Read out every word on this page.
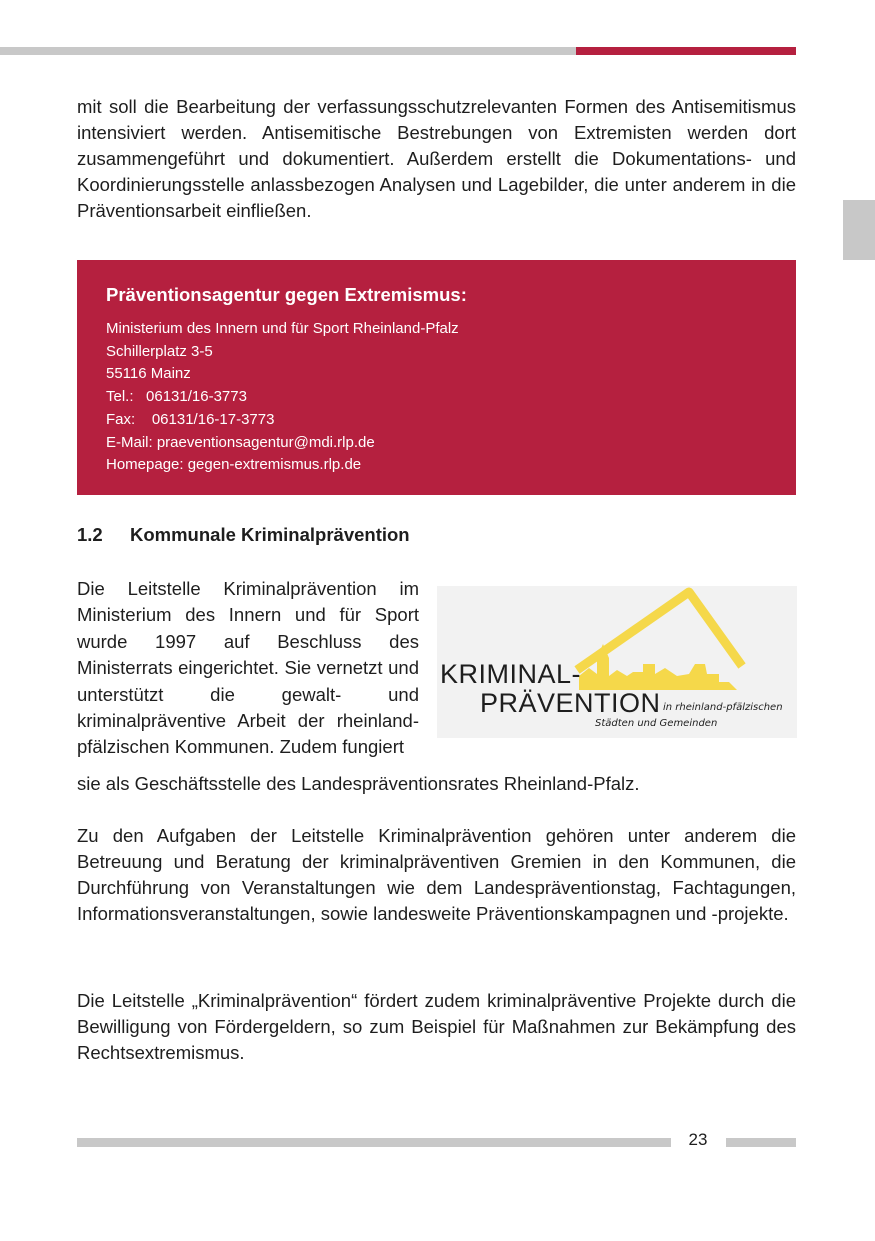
mit soll die Bearbeitung der verfassungsschutzrelevanten Formen des Antisemitismus intensiviert werden. Antisemitische Bestrebungen von Extremisten werden dort zusammengeführt und dokumentiert. Außerdem erstellt die Dokumentations- und Koordinierungsstelle anlassbezogen Analysen und Lagebilder, die unter anderem in die Präventionsarbeit einfließen.

Präventionsagentur gegen Extremismus:

Ministerium des Innern und für Sport Rheinland-Pfalz
Schillerplatz 3-5
55116 Mainz
Tel.:   06131/16-3773
Fax:    06131/16-17-3773
E-Mail: praeventionsagentur@mdi.rlp.de
Homepage: gegen-extremismus.rlp.de
1.2 Kommunale Kriminalprävention

Die Leitstelle Kriminalprävention im Ministerium des Innern und für Sport wurde 1997 auf Beschluss des Ministerrats eingerichtet. Sie vernetzt und unterstützt die gewalt- und kriminalpräventive Arbeit der rheinland-pfälzischen Kommunen. Zudem fungiert

KRIMINAL-

PRÄVENTION in rheinland-pfälzischen

Städten und Gemeinden

sie als Geschäftsstelle des Landespräventionsrates Rheinland-Pfalz.

Zu den Aufgaben der Leitstelle Kriminalprävention gehören unter anderem die Betreuung und Beratung der kriminalpräventiven Gremien in den Kommunen, die Durchführung von Veranstaltungen wie dem Landespräventionstag, Fachtagungen, Informationsveranstaltungen, sowie landesweite Präventionskampagnen und -projekte.

Die Leitstelle „Kriminalprävention“ fördert zudem kriminalpräventive Projekte durch die Bewilligung von Fördergeldern, so zum Beispiel für Maßnahmen zur Bekämpfung des Rechtsextremismus.

23
